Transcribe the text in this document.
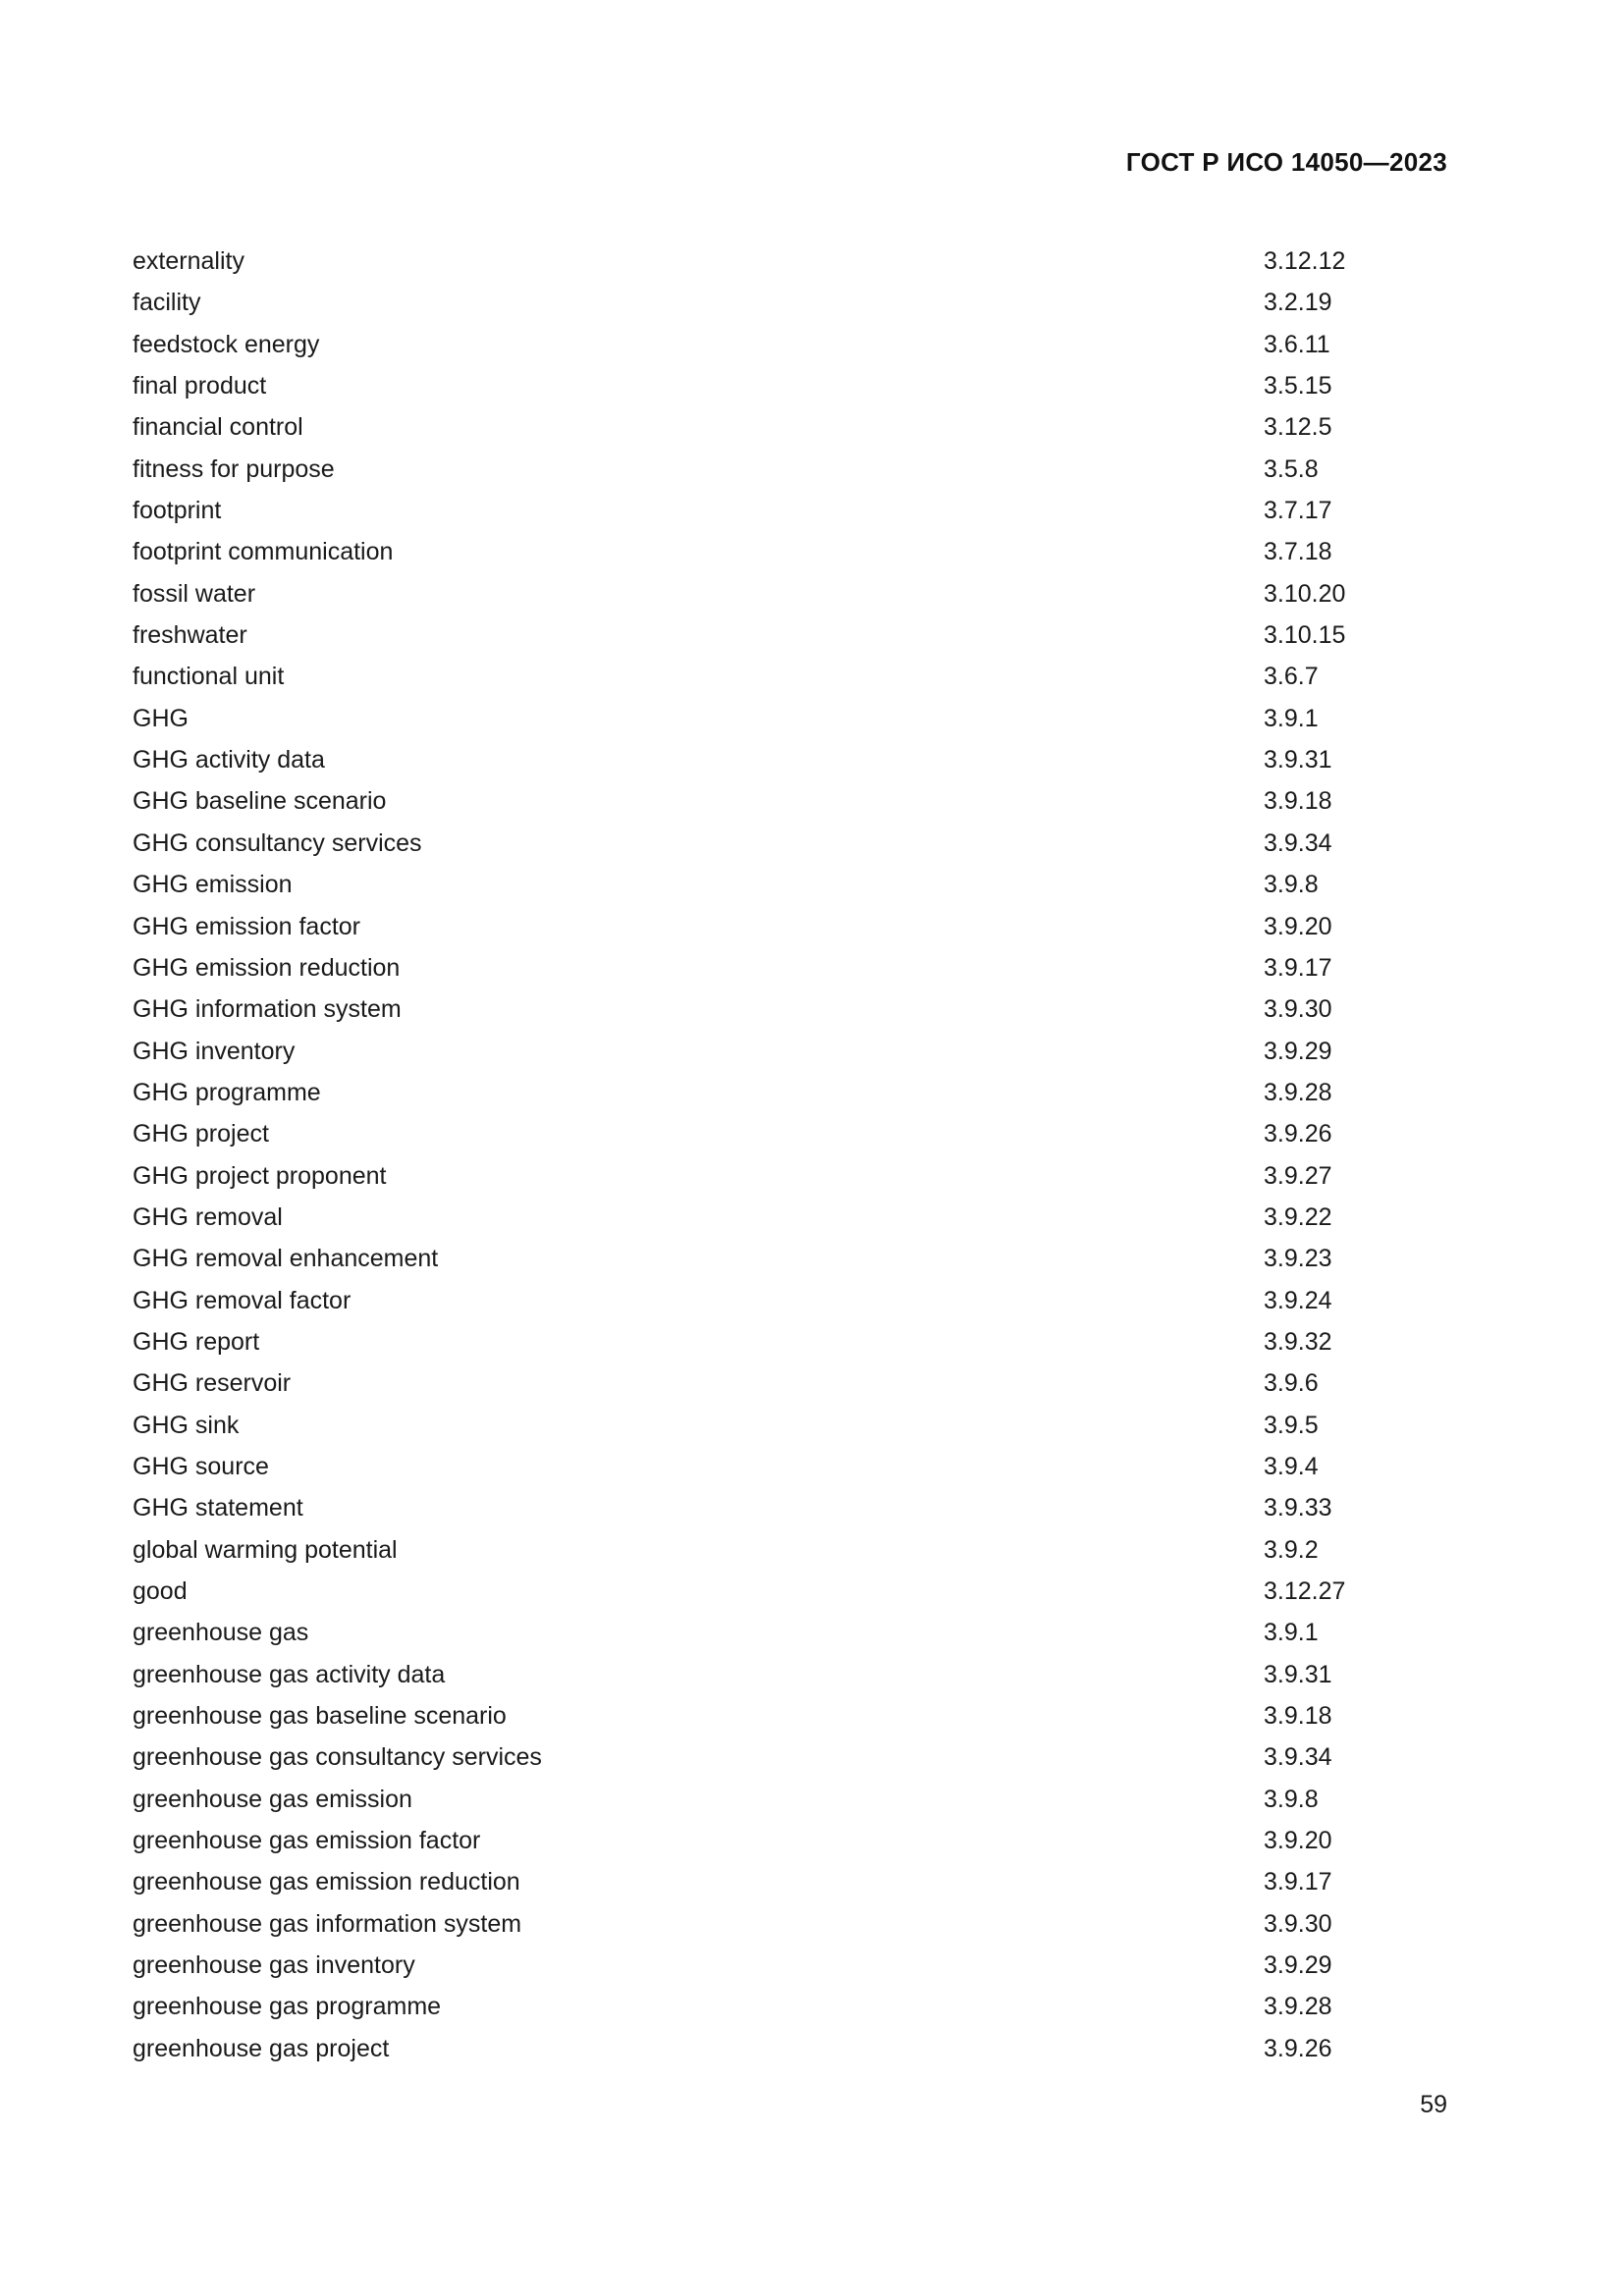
ГОСТ Р ИСО 14050—2023
externality	3.12.12
facility	3.2.19
feedstock energy	3.6.11
final product	3.5.15
financial control	3.12.5
fitness for purpose	3.5.8
footprint	3.7.17
footprint communication	3.7.18
fossil water	3.10.20
freshwater	3.10.15
functional unit	3.6.7
GHG	3.9.1
GHG activity data	3.9.31
GHG baseline scenario	3.9.18
GHG consultancy services	3.9.34
GHG emission	3.9.8
GHG emission factor	3.9.20
GHG emission reduction	3.9.17
GHG information system	3.9.30
GHG inventory	3.9.29
GHG programme	3.9.28
GHG project	3.9.26
GHG project proponent	3.9.27
GHG removal	3.9.22
GHG removal enhancement	3.9.23
GHG removal factor	3.9.24
GHG report	3.9.32
GHG reservoir	3.9.6
GHG sink	3.9.5
GHG source	3.9.4
GHG statement	3.9.33
global warming potential	3.9.2
good	3.12.27
greenhouse gas	3.9.1
greenhouse gas activity data	3.9.31
greenhouse gas baseline scenario	3.9.18
greenhouse gas consultancy services	3.9.34
greenhouse gas emission	3.9.8
greenhouse gas emission factor	3.9.20
greenhouse gas emission reduction	3.9.17
greenhouse gas information system	3.9.30
greenhouse gas inventory	3.9.29
greenhouse gas programme	3.9.28
greenhouse gas project	3.9.26
59
